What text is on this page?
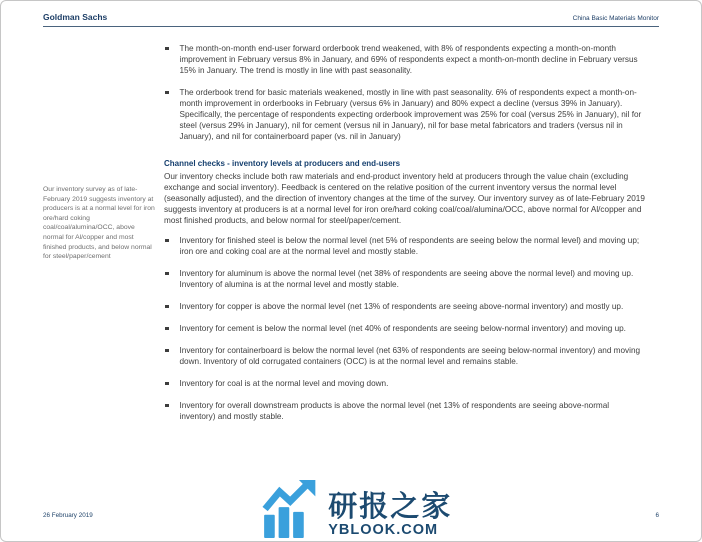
Goldman Sachs	China Basic Materials Monitor
Our inventory survey as of late-February 2019 suggests inventory at producers is at a normal level for iron ore/hard coking coal/coal/alumina/OCC, above normal for Al/copper and most finished products, and below normal for steel/paper/cement
The month-on-month end-user forward orderbook trend weakened, with 8% of respondents expecting a month-on-month improvement in February versus 8% in January, and 69% of respondents expect a month-on-month decline in February versus 15% in January. The trend is mostly in line with past seasonality.
The orderbook trend for basic materials weakened, mostly in line with past seasonality. 6% of respondents expect a month-on-month improvement in orderbooks in February (versus 6% in January) and 80% expect a decline (versus 39% in January). Specifically, the percentage of respondents expecting orderbook improvement was 25% for coal (versus 25% in January), nil for steel (versus 29% in January), nil for cement (versus nil in January), nil for base metal fabricators and traders (versus nil in January), and nil for containerboard paper (vs. nil in January)
Channel checks - inventory levels at producers and end-users
Our inventory checks include both raw materials and end-product inventory held at producers through the value chain (excluding exchange and social inventory). Feedback is centered on the relative position of the current inventory versus the normal level (seasonally adjusted), and the direction of inventory changes at the time of the survey. Our inventory survey as of late-February 2019 suggests inventory at producers is at a normal level for iron ore/hard coking coal/coal/alumina/OCC, above normal for Al/copper and most finished products, and below normal for steel/paper/cement.
Inventory for finished steel is below the normal level (net 5% of respondents are seeing below the normal level) and moving up; iron ore and coking coal are at the normal level and mostly stable.
Inventory for aluminum is above the normal level (net 38% of respondents are seeing above the normal level) and moving up. Inventory of alumina is at the normal level and mostly stable.
Inventory for copper is above the normal level (net 13% of respondents are seeing above-normal inventory) and mostly up.
Inventory for cement is below the normal level (net 40% of respondents are seeing below-normal inventory) and moving up.
Inventory for containerboard is below the normal level (net 63% of respondents are seeing below-normal inventory) and moving down. Inventory of old corrugated containers (OCC) is at the normal level and remains stable.
Inventory for coal is at the normal level and moving down.
Inventory for overall downstream products is above the normal level (net 13% of respondents are seeing above-normal inventory) and mostly stable.
研报之家
YBLOOK.COM
26 February 2019	6
